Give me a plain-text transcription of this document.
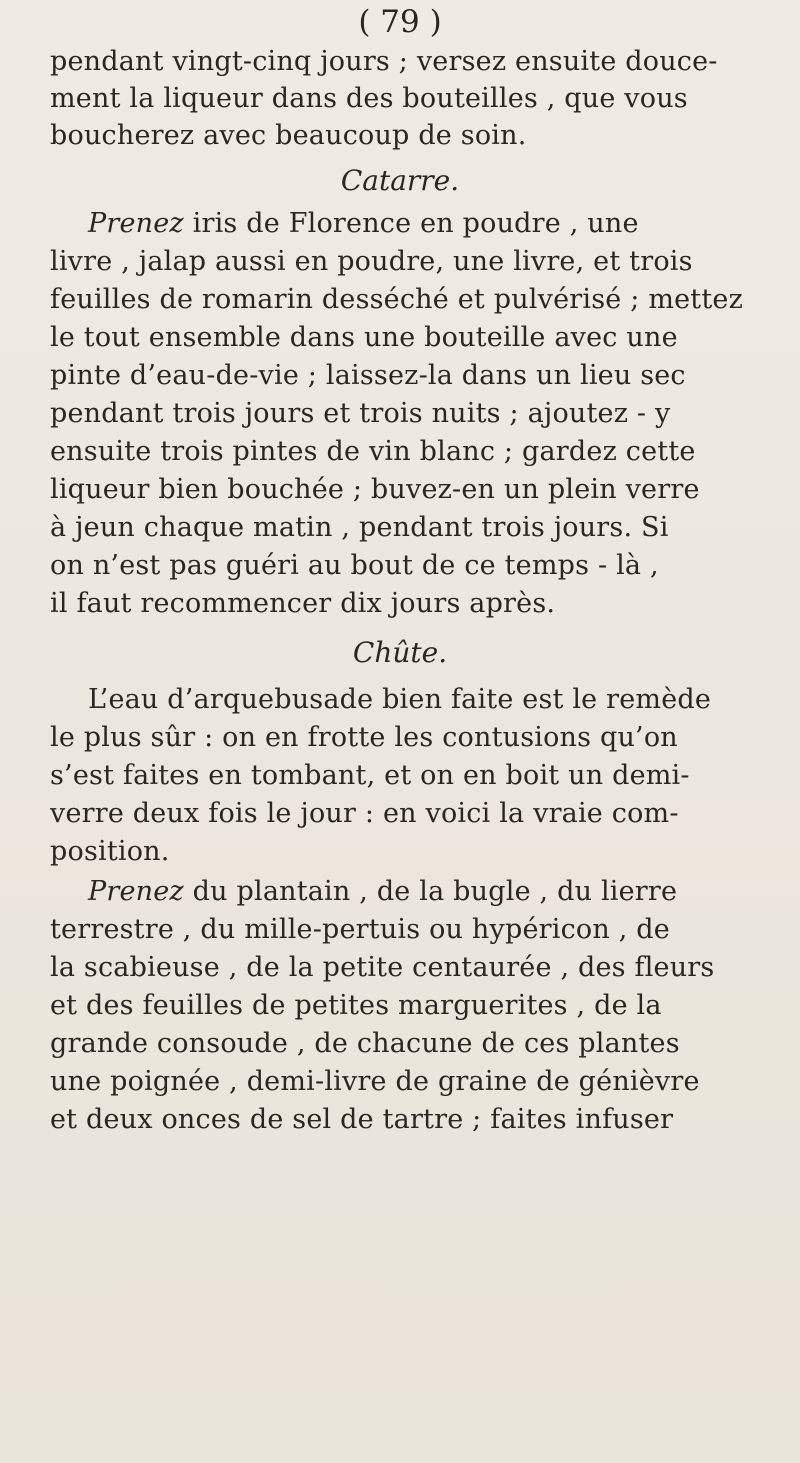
( 79 )
pendant vingt-cinq jours ; versez ensuite douce-
ment la liqueur dans des bouteilles , que vous
boucherez avec beaucoup de soin.
Catarre.
Prenez iris de Florence en poudre , une
livre , jalap aussi en poudre, une livre, et trois
feuilles de romarin desséché et pulvérisé ; mettez
le tout ensemble dans une bouteille avec une
pinte d’eau-de-vie ; laissez-la dans un lieu sec
pendant trois jours et trois nuits ; ajoutez - y
ensuite trois pintes de vin blanc ; gardez cette
liqueur bien bouchée ; buvez-en un plein verre
à jeun chaque matin , pendant trois jours. Si
on n’est pas guéri au bout de ce temps - là ,
il faut recommencer dix jours après.
Chûte.
L’eau d’arquebusade bien faite est le remède
le plus sûr : on en frotte les contusions qu’on
s’est faites en tombant, et on en boit un demi-
verre deux fois le jour : en voici la vraie com-
position.
Prenez du plantain , de la bugle , du lierre
terrestre , du mille-pertuis ou hypéricon , de
la scabieuse , de la petite centaurée , des fleurs
et des feuilles de petites marguerites , de la
grande consoude , de chacune de ces plantes
une poignée , demi-livre de graine de génièvre
et deux onces de sel de tartre ; faites infuser
